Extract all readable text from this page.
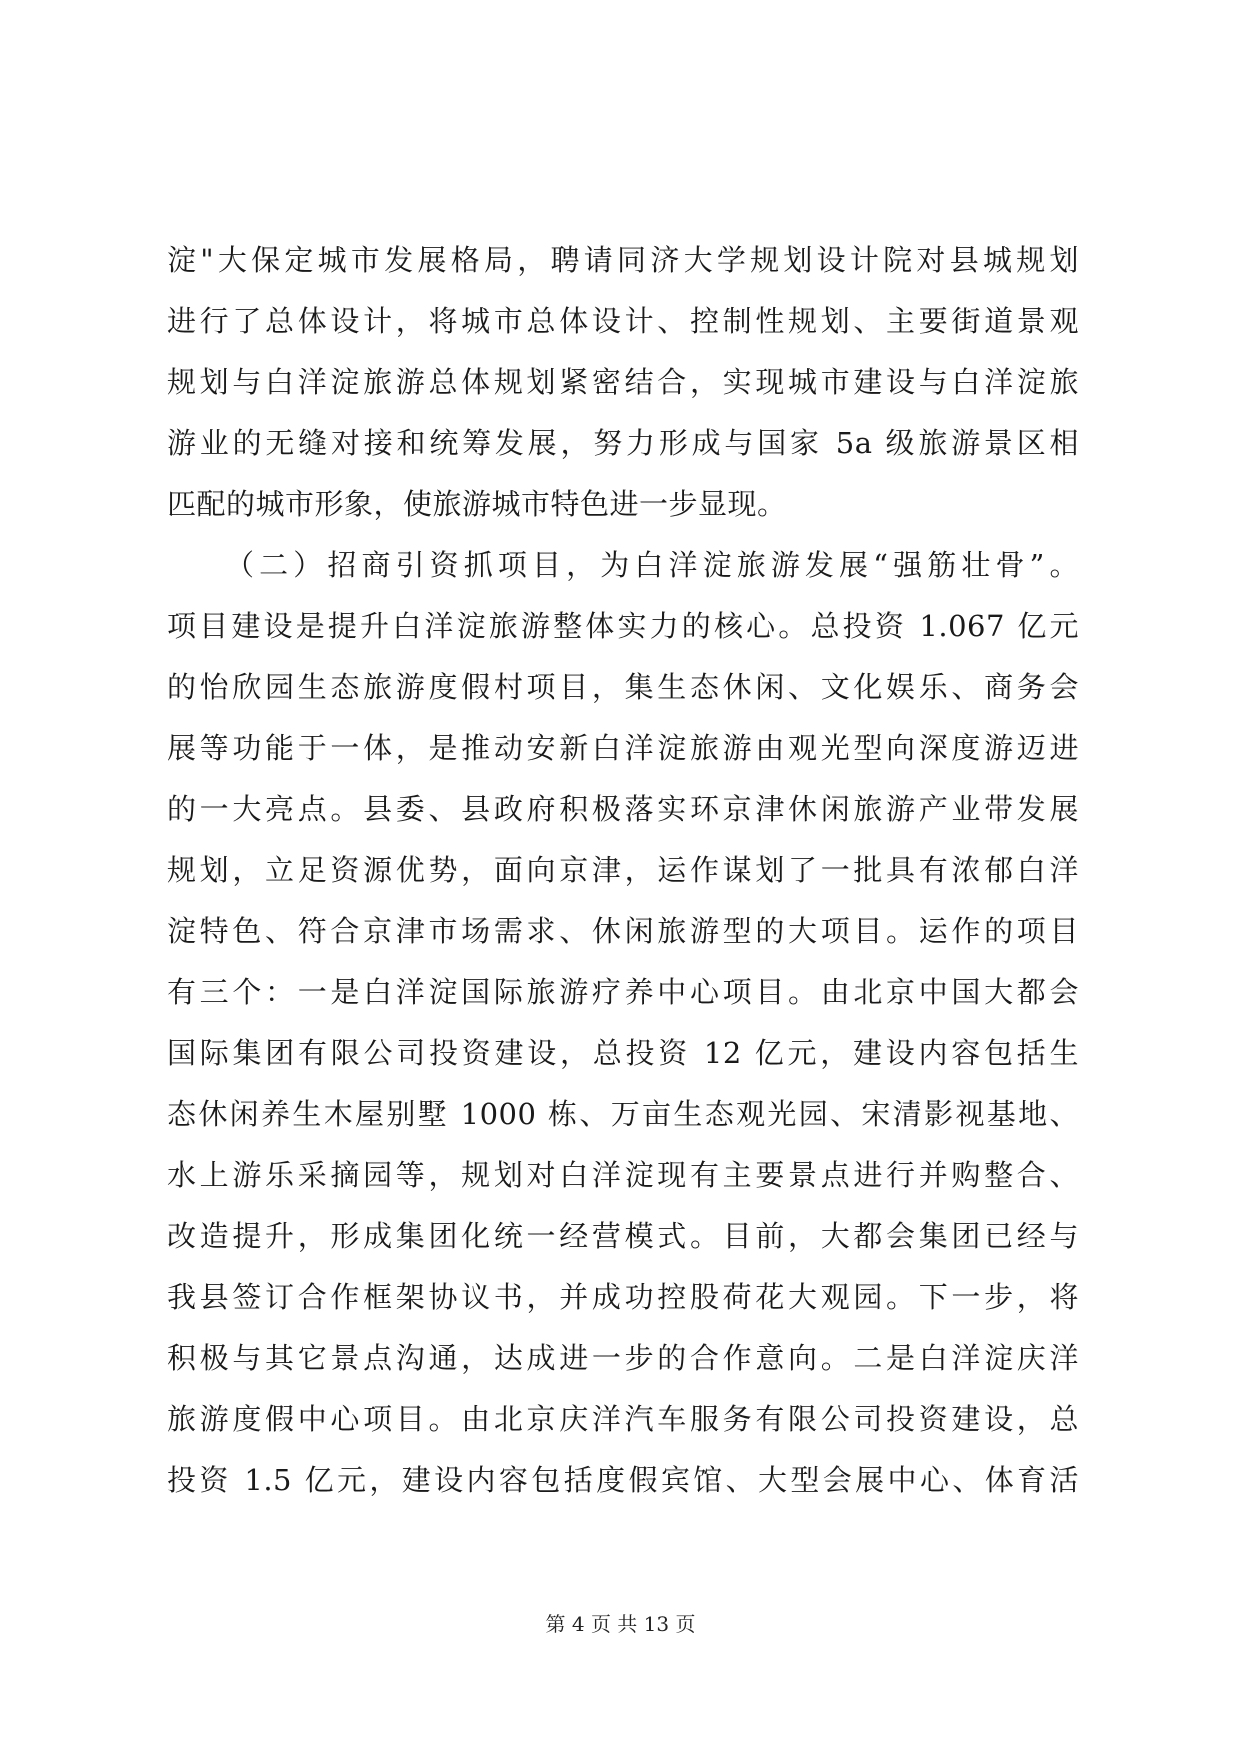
淀"大保定城市发展格局，聘请同济大学规划设计院对县城规划
进行了总体设计，将城市总体设计、控制性规划、主要街道景观
规划与白洋淀旅游总体规划紧密结合，实现城市建设与白洋淀旅
游业的无缝对接和统筹发展，努力形成与国家 5a 级旅游景区相
匹配的城市形象，使旅游城市特色进一步显现。
（二）招商引资抓项目，为白洋淀旅游发展“强筋壮骨”。
项目建设是提升白洋淀旅游整体实力的核心。总投资 1.067 亿元
的怡欣园生态旅游度假村项目，集生态休闲、文化娱乐、商务会
展等功能于一体，是推动安新白洋淀旅游由观光型向深度游迈进
的一大亮点。县委、县政府积极落实环京津休闲旅游产业带发展
规划，立足资源优势，面向京津，运作谋划了一批具有浓郁白洋
淀特色、符合京津市场需求、休闲旅游型的大项目。运作的项目
有三个：一是白洋淀国际旅游疗养中心项目。由北京中国大都会
国际集团有限公司投资建设，总投资 12 亿元，建设内容包括生
态休闲养生木屋别墅 1000 栋、万亩生态观光园、宋清影视基地、
水上游乐采摘园等，规划对白洋淀现有主要景点进行并购整合、
改造提升，形成集团化统一经营模式。目前，大都会集团已经与
我县签订合作框架协议书，并成功控股荷花大观园。下一步，将
积极与其它景点沟通，达成进一步的合作意向。二是白洋淀庆洋
旅游度假中心项目。由北京庆洋汽车服务有限公司投资建设，总
投资 1.5 亿元，建设内容包括度假宾馆、大型会展中心、体育活
第 4 页 共 13 页
